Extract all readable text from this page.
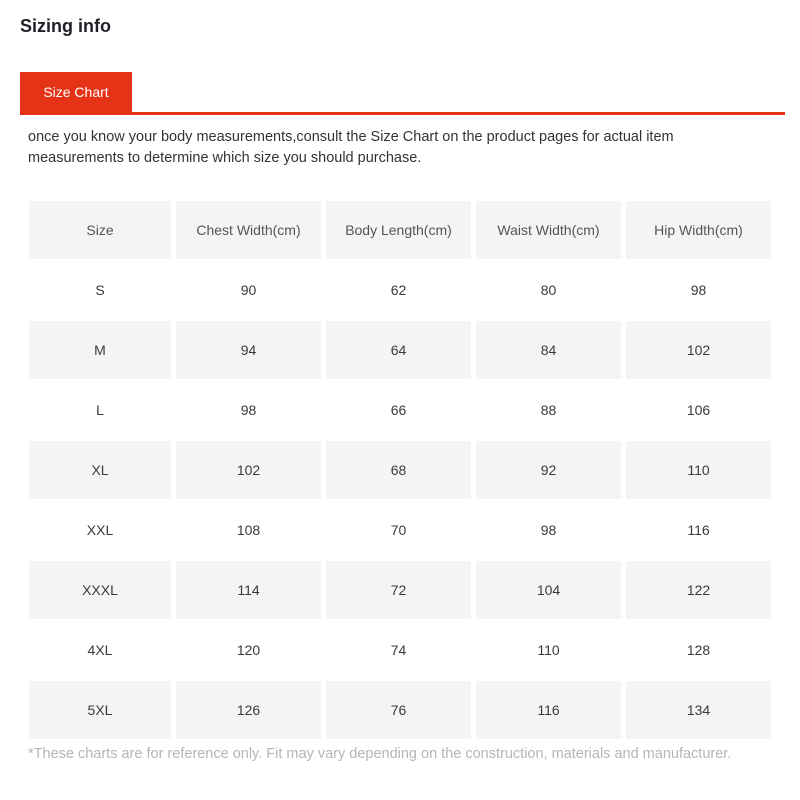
Sizing info
Size Chart

once you know your body measurements,consult the Size Chart on the product pages for actual item measurements to determine which size you should purchase.

Size	Chest Width(cm)	Body Length(cm)	Waist Width(cm)	Hip Width(cm)
S	90	62	80	98
M	94	64	84	102
L	98	66	88	106
XL	102	68	92	110
XXL	108	70	98	116
XXXL	114	72	104	122
4XL	120	74	110	128
5XL	126	76	116	134

*These charts are for reference only. Fit may vary depending on the construction, materials and manufacturer.
